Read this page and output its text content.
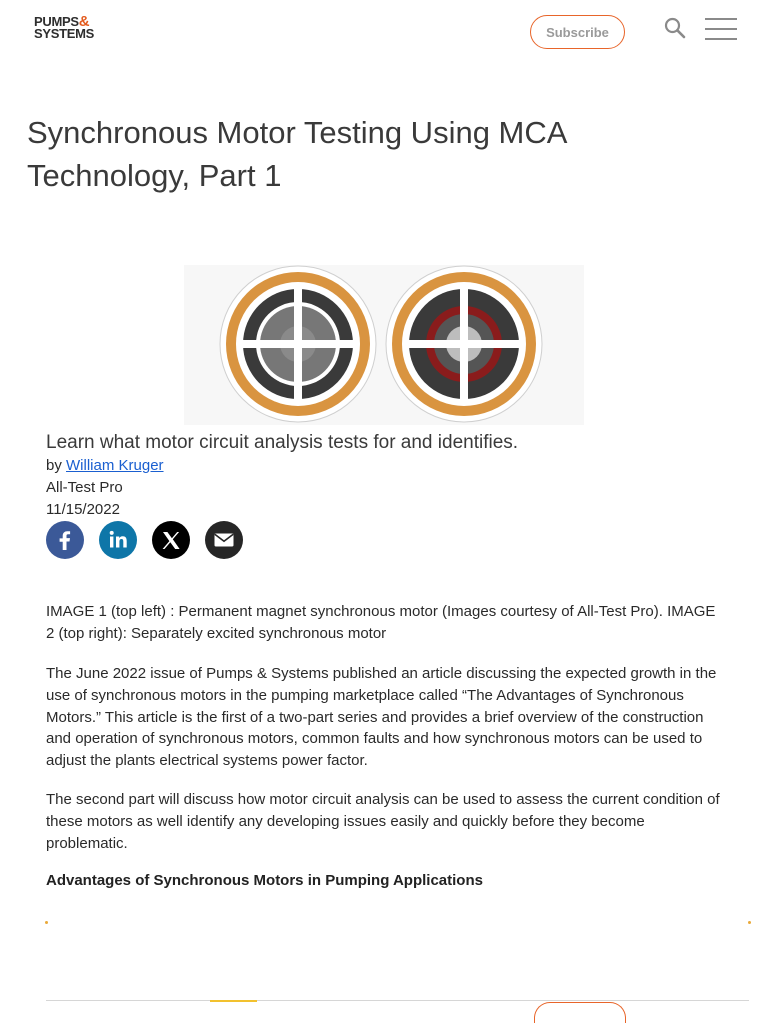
PUMPS&
SYSTEMS	Subscribe
Synchronous Motor Testing Using MCA Technology, Part 1
Learn what motor circuit analysis tests for and identifies.
by William Kruger
All-Test Pro
11/15/2022

IMAGE 1 (top left) : Permanent magnet synchronous motor (Images courtesy of All-Test Pro). IMAGE 2 (top right): Separately excited synchronous motor

The June 2022 issue of Pumps & Systems published an article discussing the expected growth in the use of synchronous motors in the pumping marketplace called “The Advantages of Synchronous Motors.” This article is the first of a two-part series and provides a brief overview of the construction and operation of synchronous motors, common faults and how synchronous motors can be used to adjust the plants electrical systems power factor.

The second part will discuss how motor circuit analysis can be used to assess the current condition of these motors as well identify any developing issues easily and quickly before they become problematic.

Advantages of Synchronous Motors in Pumping Applications
